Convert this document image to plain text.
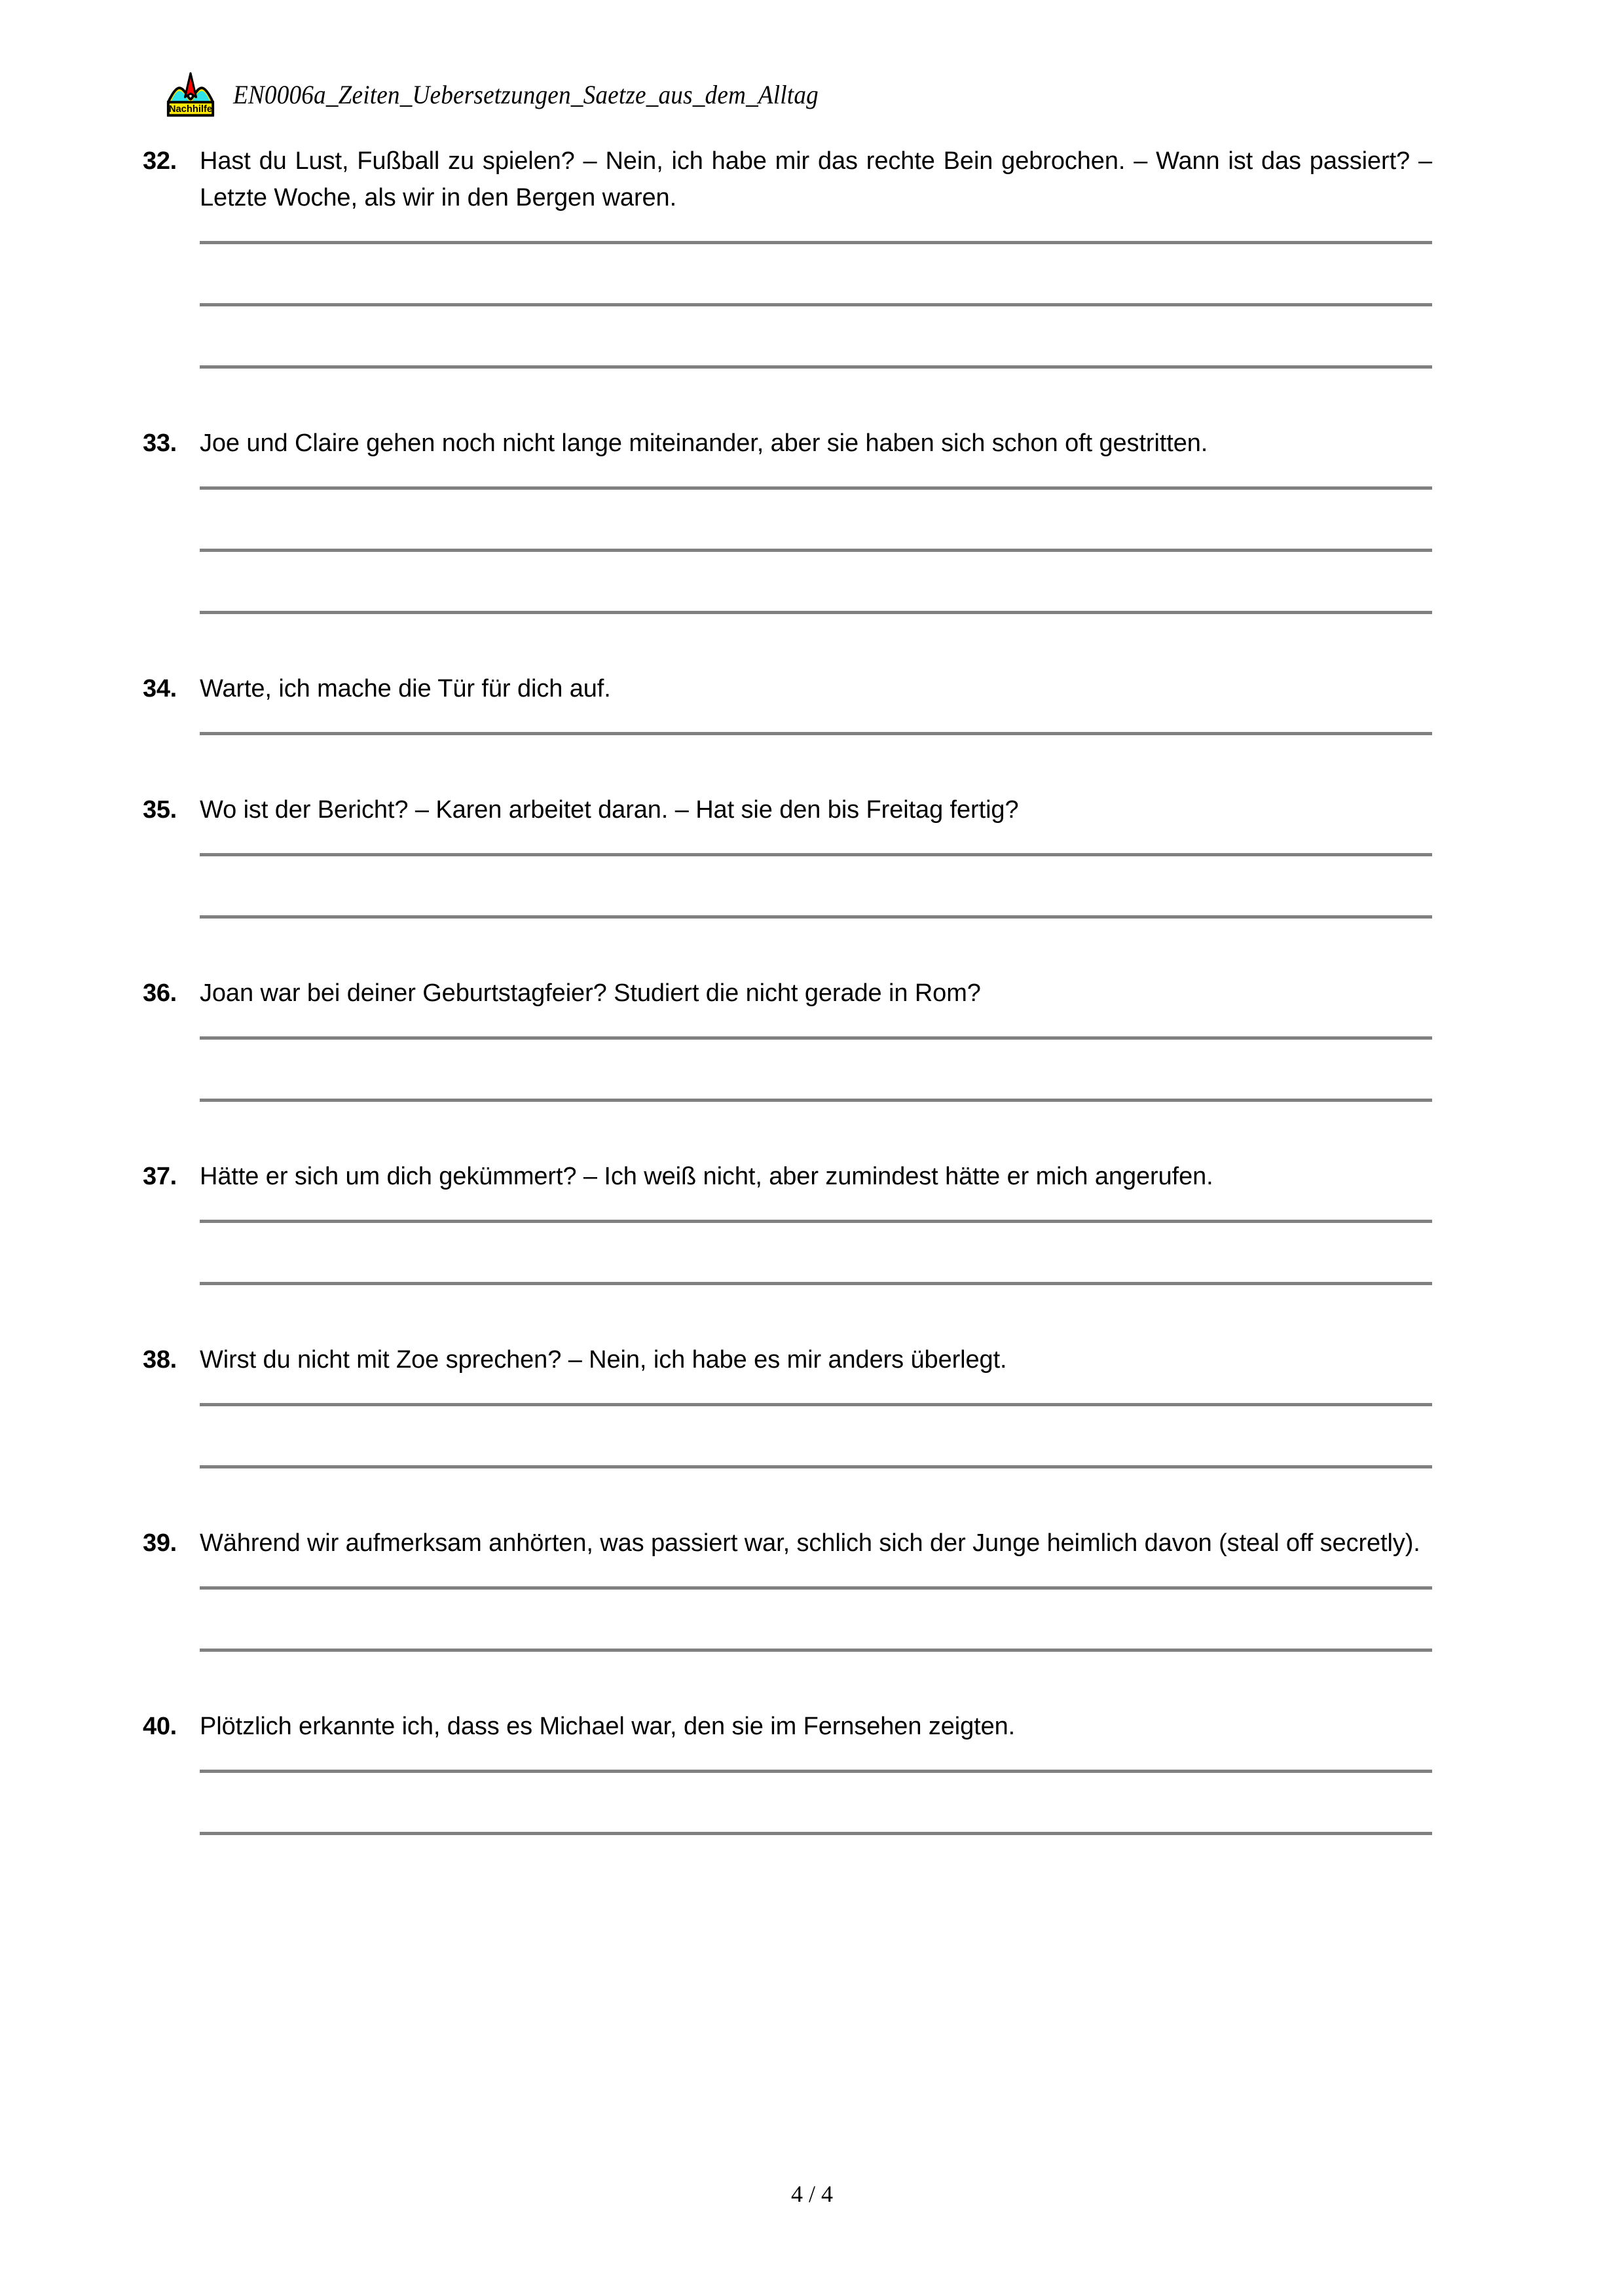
Nachhilfe
EN0006a_Zeiten_Uebersetzungen_Saetze_aus_dem_Alltag
32. Hast du Lust, Fußball zu spielen? – Nein, ich habe mir das rechte Bein gebrochen. – Wann ist das passiert? – Letzte Woche, als wir in den Bergen waren.

33. Joe und Claire gehen noch nicht lange miteinander, aber sie haben sich schon oft gestritten.

34. Warte, ich mache die Tür für dich auf.

35. Wo ist der Bericht? – Karen arbeitet daran. – Hat sie den bis Freitag fertig?

36. Joan war bei deiner Geburtstagfeier? Studiert die nicht gerade in Rom?

37. Hätte er sich um dich gekümmert? – Ich weiß nicht, aber zumindest hätte er mich angerufen.

38. Wirst du nicht mit Zoe sprechen? – Nein, ich habe es mir anders überlegt.

39. Während wir aufmerksam anhörten, was passiert war, schlich sich der Junge heimlich davon (steal off secretly).

40. Plötzlich erkannte ich, dass es Michael war, den sie im Fernsehen zeigten.

4 / 4
